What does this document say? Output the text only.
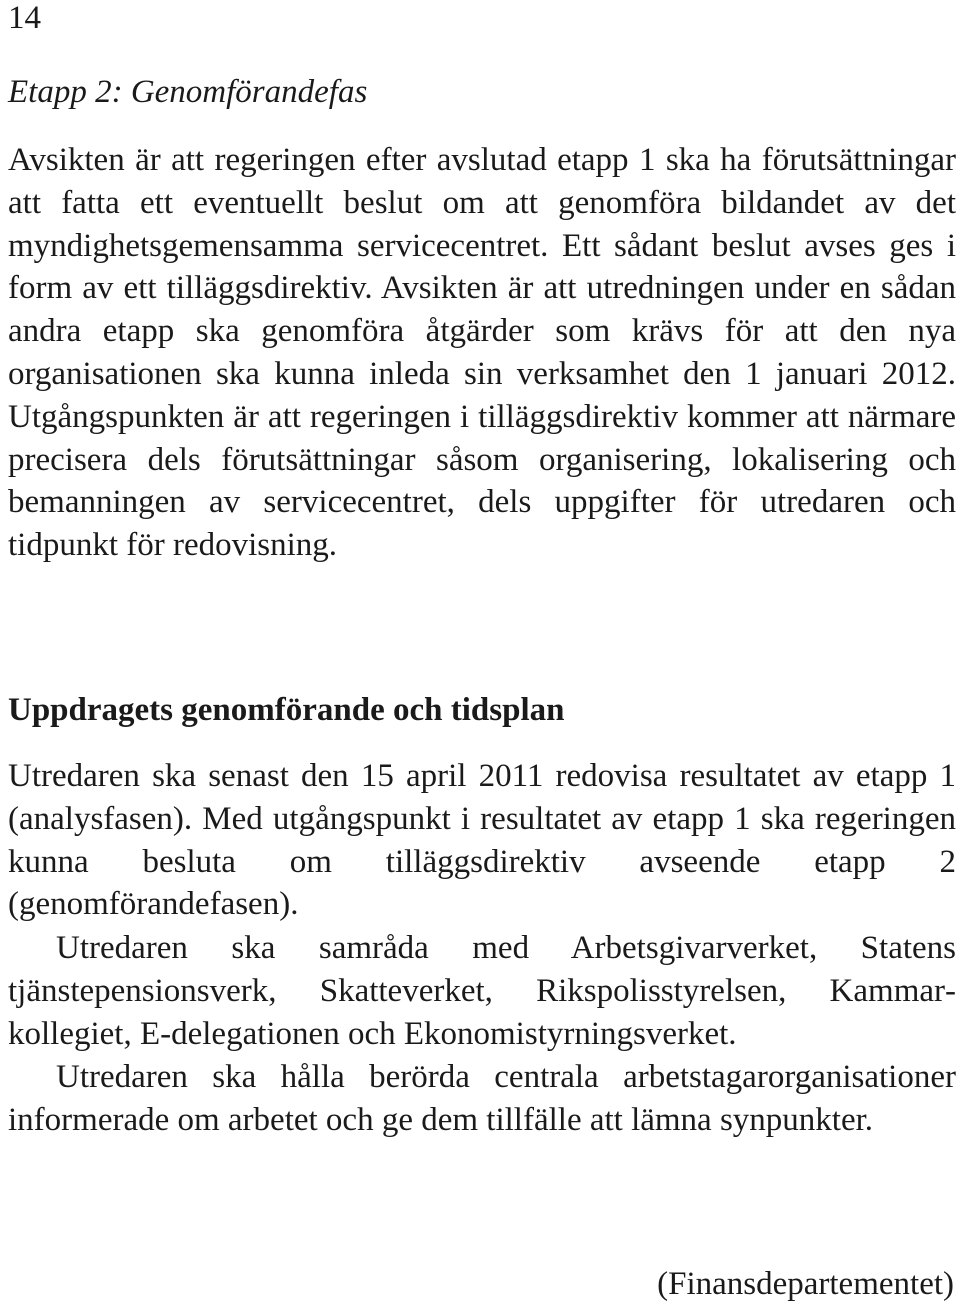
14
Etapp 2: Genomförandefas

Avsikten är att regeringen efter avslutad etapp 1 ska ha förutsättningar att fatta ett eventuellt beslut om att genomföra bildandet av det myndighetsgemensamma servicecentret. Ett sådant beslut avses ges i form av ett tilläggsdirektiv. Avsikten är att utredningen under en sådan andra etapp ska genomföra åtgärder som krävs för att den nya organisationen ska kunna inleda sin verksamhet den 1 januari 2012. Utgångspunkten är att regeringen i tilläggsdirektiv kommer att närmare precisera dels förutsättningar såsom organisering, lokalisering och bemanningen av servicecentret, dels uppgifter för utredaren och tidpunkt för redovisning.

Uppdragets genomförande och tidsplan

Utredaren ska senast den 15 april 2011 redovisa resultatet av etapp 1 (analysfasen). Med utgångspunkt i resultatet av etapp 1 ska regeringen kunna besluta om tilläggsdirektiv avseende etapp 2 (genomförandefasen).

Utredaren ska samråda med Arbetsgivarverket, Statens tjänstepensionsverk, Skatteverket, Rikspolisstyrelsen, Kammarkollegiet, E-delegationen och Ekonomistyrningsverket.

Utredaren ska hålla berörda centrala arbetstagarorganisationer informerade om arbetet och ge dem tillfälle att lämna synpunkter.

(Finansdepartementet)
